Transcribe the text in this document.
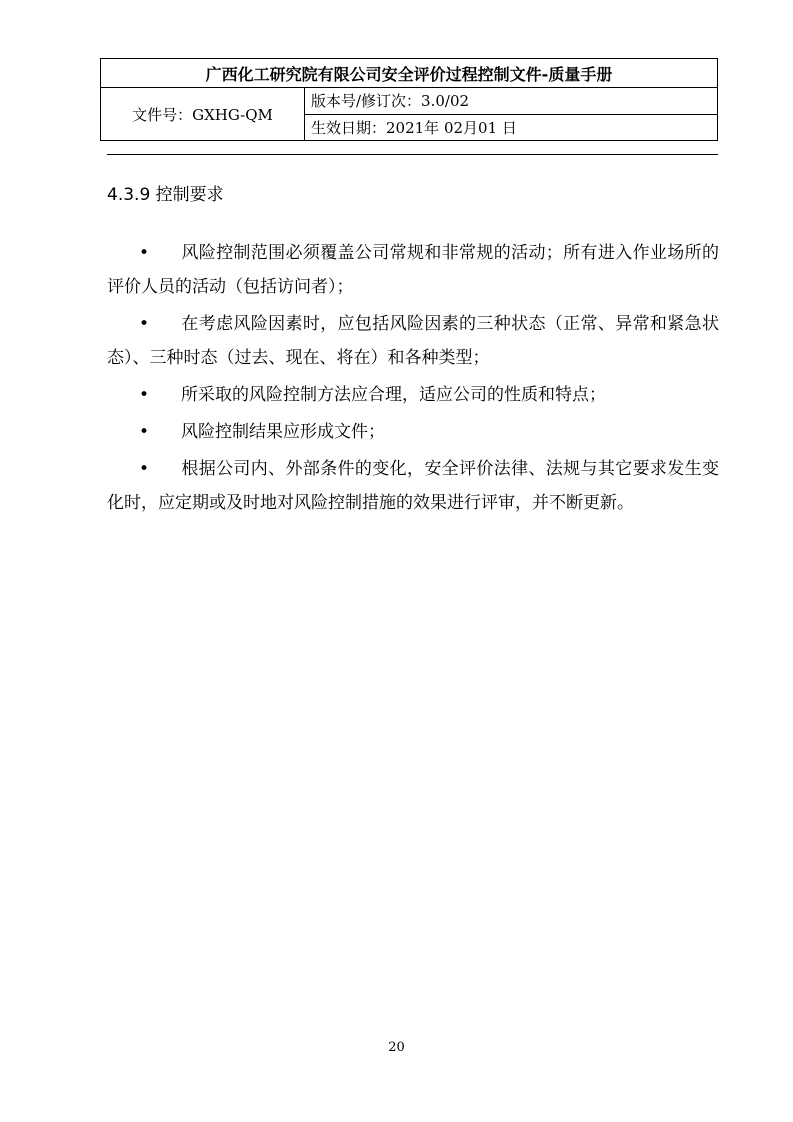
广西化工研究院有限公司安全评价过程控制文件-质量手册
文件号：GXHG-QM	版本号/修订次：3.0/02
生效日期：2021年 02月01 日
4.3.9 控制要求

• 风险控制范围必须覆盖公司常规和非常规的活动；所有进入作业场所的评价人员的活动（包括访问者）；

• 在考虑风险因素时，应包括风险因素的三种状态（正常、异常和紧急状态）、三种时态（过去、现在、将在）和各种类型；

• 所采取的风险控制方法应合理，适应公司的性质和特点；

• 风险控制结果应形成文件；

• 根据公司内、外部条件的变化，安全评价法律、法规与其它要求发生变化时，应定期或及时地对风险控制措施的效果进行评审，并不断更新。

20
